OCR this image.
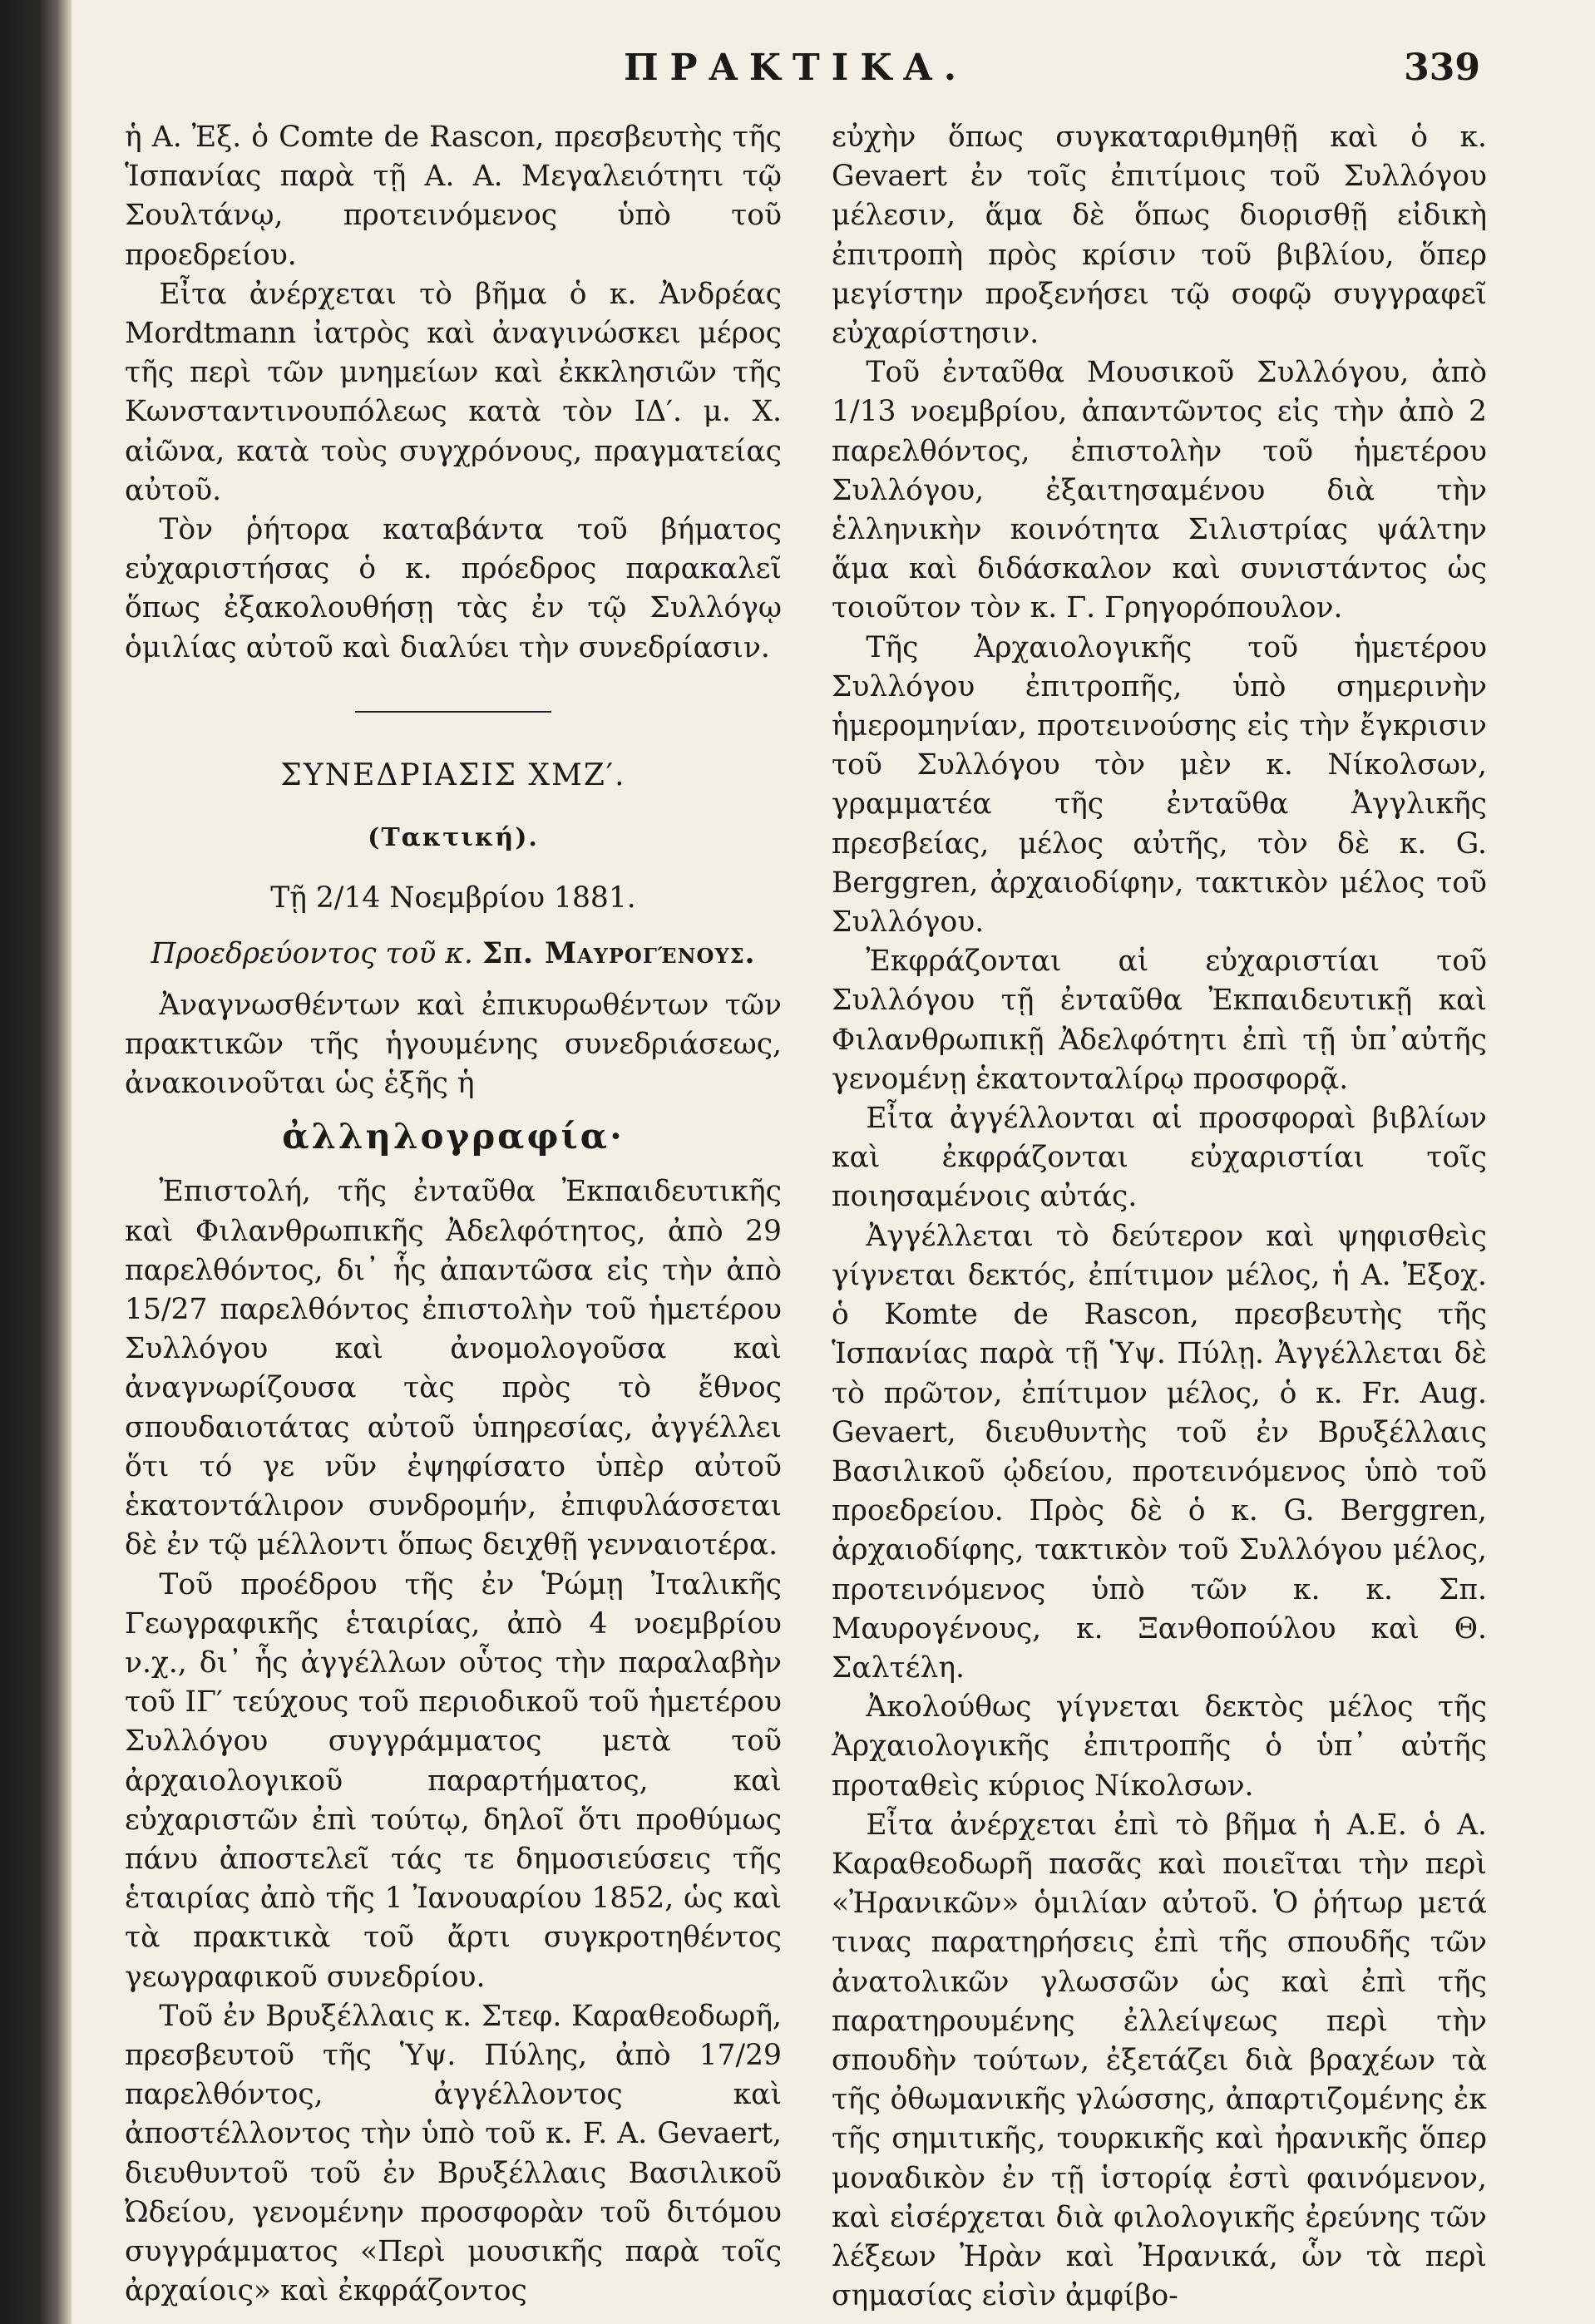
ΠΡΑΚΤΙΚΑ.	339

ἡ Α. Ἐξ. ὁ Comte de Rascon, πρεσβευτὴς τῆς Ἱσπανίας παρὰ τῇ Α. Α. Μεγαλειότητι τῷ Σουλτάνῳ, προτεινόμενος ὑπὸ τοῦ προεδρείου.

Εἶτα ἀνέρχεται τὸ βῆμα ὁ κ. Ἀνδρέας Mordtmann ἰατρὸς καὶ ἀναγινώσκει μέρος τῆς περὶ τῶν μνημείων καὶ ἐκκλησιῶν τῆς Κωνσταντινουπόλεως κατὰ τὸν ΙΔ′. μ. Χ. αἰῶνα, κατὰ τοὺς συγχρόνους, πραγματείας αὐτοῦ.

Τὸν ῥήτορα καταβάντα τοῦ βήματος εὐχαριστήσας ὁ κ. πρόεδρος παρακαλεῖ ὅπως ἐξακολουθήσῃ τὰς ἐν τῷ Συλλόγῳ ὁμιλίας αὐτοῦ καὶ διαλύει τὴν συνεδρίασιν.

ΣΥΝΕΔΡΙΑΣΙΣ ΧΜΖ′.
(Τακτική).
Τῇ 2/14 Νοεμβρίου 1881.
Προεδρεύοντος τοῦ κ. Σπ. Μαυρογένους.

Ἀναγνωσθέντων καὶ ἐπικυρωθέντων τῶν πρακτικῶν τῆς ἡγουμένης συνεδριάσεως, ἀνακοινοῦται ὡς ἑξῆς ἡ

ἀλληλογραφία·

Ἐπιστολή, τῆς ἐνταῦθα Ἐκπαιδευτικῆς καὶ Φιλανθρωπικῆς Ἀδελφότητος, ἀπὸ 29 παρελθόντος, δι᾽ ἧς ἀπαντῶσα εἰς τὴν ἀπὸ 15/27 παρελθόντος ἐπιστολὴν τοῦ ἡμετέρου Συλλόγου καὶ ἀνομολογοῦσα καὶ ἀναγνωρίζουσα τὰς πρὸς τὸ ἔθνος σπουδαιοτάτας αὐτοῦ ὑπηρεσίας, ἀγγέλλει ὅτι τό γε νῦν ἐψηφίσατο ὑπὲρ αὐτοῦ ἑκατοντάλιρον συνδρομήν, ἐπιφυλάσσεται δὲ ἐν τῷ μέλλοντι ὅπως δειχθῇ γενναιοτέρα.

Τοῦ προέδρου τῆς ἐν Ῥώμῃ Ἰταλικῆς Γεωγραφικῆς ἑταιρίας, ἀπὸ 4 νοεμβρίου ν.χ., δι᾽ ἧς ἀγγέλλων οὗτος τὴν παραλαβὴν τοῦ ΙΓ′ τεύχους τοῦ περιοδικοῦ τοῦ ἡμετέρου Συλλόγου συγγράμματος μετὰ τοῦ ἀρχαιολογικοῦ παραρτήματος, καὶ εὐχαριστῶν ἐπὶ τούτῳ, δηλοῖ ὅτι προθύμως πάνυ ἀποστελεῖ τάς τε δημοσιεύσεις τῆς ἑταιρίας ἀπὸ τῆς 1 Ἰανουαρίου 1852, ὡς καὶ τὰ πρακτικὰ τοῦ ἄρτι συγκροτηθέντος γεωγραφικοῦ συνεδρίου.

Τοῦ ἐν Βρυξέλλαις κ. Στεφ. Καραθεοδωρῆ, πρεσβευτοῦ τῆς Ὑψ. Πύλης, ἀπὸ 17/29 παρελθόντος, ἀγγέλλοντος καὶ ἀποστέλλοντος τὴν ὑπὸ τοῦ κ. F. A. Gevaert, διευθυντοῦ τοῦ ἐν Βρυξέλλαις Βασιλικοῦ Ὠδείου, γενομένην προσφορὰν τοῦ διτόμου συγγράμματος «Περὶ μουσικῆς παρὰ τοῖς ἀρχαίοις» καὶ ἐκφράζοντος

εὐχὴν ὅπως συγκαταριθμηθῇ καὶ ὁ κ. Gevaert ἐν τοῖς ἐπιτίμοις τοῦ Συλλόγου μέλεσιν, ἅμα δὲ ὅπως διορισθῇ εἰδικὴ ἐπιτροπὴ πρὸς κρίσιν τοῦ βιβλίου, ὅπερ μεγίστην προξενήσει τῷ σοφῷ συγγραφεῖ εὐχαρίστησιν.

Τοῦ ἐνταῦθα Μουσικοῦ Συλλόγου, ἀπὸ 1/13 νοεμβρίου, ἀπαντῶντος εἰς τὴν ἀπὸ 2 παρελθόντος, ἐπιστολὴν τοῦ ἡμετέρου Συλλόγου, ἐξαιτησαμένου διὰ τὴν ἑλληνικὴν κοινότητα Σιλιστρίας ψάλτην ἅμα καὶ διδάσκαλον καὶ συνιστάντος ὡς τοιοῦτον τὸν κ. Γ. Γρηγορόπουλον.

Τῆς Ἀρχαιολογικῆς τοῦ ἡμετέρου Συλλόγου ἐπιτροπῆς, ὑπὸ σημερινὴν ἡμερομηνίαν, προτεινούσης εἰς τὴν ἔγκρισιν τοῦ Συλλόγου τὸν μὲν κ. Νίκολσων, γραμματέα τῆς ἐνταῦθα Ἀγγλικῆς πρεσβείας, μέλος αὐτῆς, τὸν δὲ κ. G. Berggren, ἀρχαιοδίφην, τακτικὸν μέλος τοῦ Συλλόγου.

Ἐκφράζονται αἱ εὐχαριστίαι τοῦ Συλλόγου τῇ ἐνταῦθα Ἐκπαιδευτικῇ καὶ Φιλανθρωπικῇ Ἀδελφότητι ἐπὶ τῇ ὑπ᾽αὐτῆς γενομένῃ ἑκατονταλίρῳ προσφορᾷ.

Εἶτα ἀγγέλλονται αἱ προσφοραὶ βιβλίων καὶ ἐκφράζονται εὐχαριστίαι τοῖς ποιησαμένοις αὐτάς.

Ἀγγέλλεται τὸ δεύτερον καὶ ψηφισθεὶς γίγνεται δεκτός, ἐπίτιμον μέλος, ἡ Α. Ἐξοχ. ὁ Komte de Rascon, πρεσβευτὴς τῆς Ἱσπανίας παρὰ τῇ Ὑψ. Πύλῃ. Ἀγγέλλεται δὲ τὸ πρῶτον, ἐπίτιμον μέλος, ὁ κ. Fr. Aug. Gevaert, διευθυντὴς τοῦ ἐν Βρυξέλλαις Βασιλικοῦ ᾠδείου, προτεινόμενος ὑπὸ τοῦ προεδρείου. Πρὸς δὲ ὁ κ. G. Berggren, ἀρχαιοδίφης, τακτικὸν τοῦ Συλλόγου μέλος, προτεινόμενος ὑπὸ τῶν κ. κ. Σπ. Μαυρογένους, κ. Ξανθοπούλου καὶ Θ. Σαλτέλη.

Ἀκολούθως γίγνεται δεκτὸς μέλος τῆς Ἀρχαιολογικῆς ἐπιτροπῆς ὁ ὑπ᾽ αὐτῆς προταθεὶς κύριος Νίκολσων.

Εἶτα ἀνέρχεται ἐπὶ τὸ βῆμα ἡ Α.Ε. ὁ Α. Καραθεοδωρῆ πασᾶς καὶ ποιεῖται τὴν περὶ «Ἠρανικῶν» ὁμιλίαν αὐτοῦ. Ὁ ῥήτωρ μετά τινας παρατηρήσεις ἐπὶ τῆς σπουδῆς τῶν ἀνατολικῶν γλωσσῶν ὡς καὶ ἐπὶ τῆς παρατηρουμένης ἐλλείψεως περὶ τὴν σπουδὴν τούτων, ἐξετάζει διὰ βραχέων τὰ τῆς ὀθωμανικῆς γλώσσης, ἀπαρτιζομένης ἐκ τῆς σημιτικῆς, τουρκικῆς καὶ ἠρανικῆς ὅπερ μοναδικὸν ἐν τῇ ἱστορίᾳ ἐστὶ φαινόμενον, καὶ εἰσέρχεται διὰ φιλολογικῆς ἐρεύνης τῶν λέξεων Ἠρὰν καὶ Ἠρανικά, ὧν τὰ περὶ σημασίας εἰσὶν ἀμφίβο-
